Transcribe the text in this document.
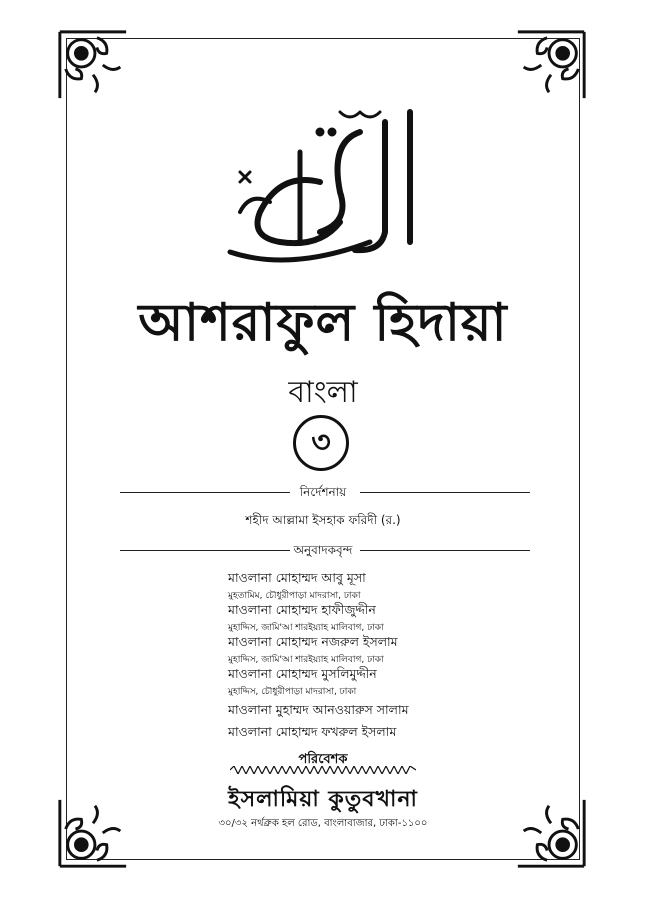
আশরাফুল হিদায়া
বাংলা
৩
নির্দেশনায়
শহীদ আল্লামা ইসহাক ফরিদী (র.)
অনুবাদকবৃন্দ
মাওলানা মোহাম্মদ আবু মূসা
মুহতামিম, চৌধুরীপাড়া মাদরাসা, ঢাকা
মাওলানা মোহাম্মদ হাফীজুদ্দীন
মুহাদ্দিস, জামি'আ শারইয়্যাহ মালিবাগ, ঢাকা
মাওলানা মোহাম্মদ নজরুল ইসলাম
মুহাদ্দিস, জামি'আ শারইয়্যাহ মালিবাগ, ঢাকা
মাওলানা মোহাম্মদ মুসলিমুদ্দীন
মুহাদ্দিস, চৌধুরীপাড়া মাদরাসা, ঢাকা
মাওলানা মুহাম্মদ আনওয়ারুস সালাম
মাওলানা মোহাম্মদ ফখরুল ইসলাম
পরিবেশক
ইসলামিয়া কুতুবখানা
৩০/৩২ নর্থব্রুক হল রোড, বাংলাবাজার, ঢাকা-১১০০
